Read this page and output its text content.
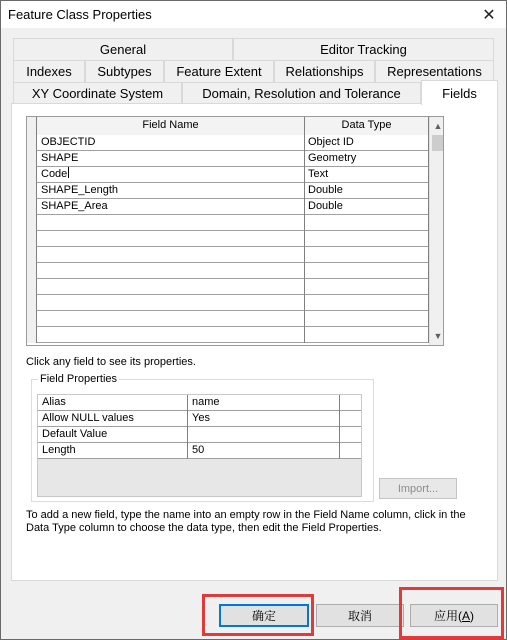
Feature Class Properties	✕
General	Editor Tracking
Indexes	Subtypes	Feature Extent	Relationships	Representations
XY Coordinate System	Domain, Resolution and Tolerance	Fields
Field Name	Data Type
OBJECTID	Object ID
SHAPE	Geometry
Code	Text
SHAPE_Length	Double
SHAPE_Area	Double
▲
▼
Click any field to see its properties.
Field Properties
Alias	name
Allow NULL values	Yes
Default Value
Length	50
Import...
To add a new field, type the name into an empty row in the Field Name column, click in the Data Type column to choose the data type, then edit the Field Properties.
确定	取消	应用( A )
